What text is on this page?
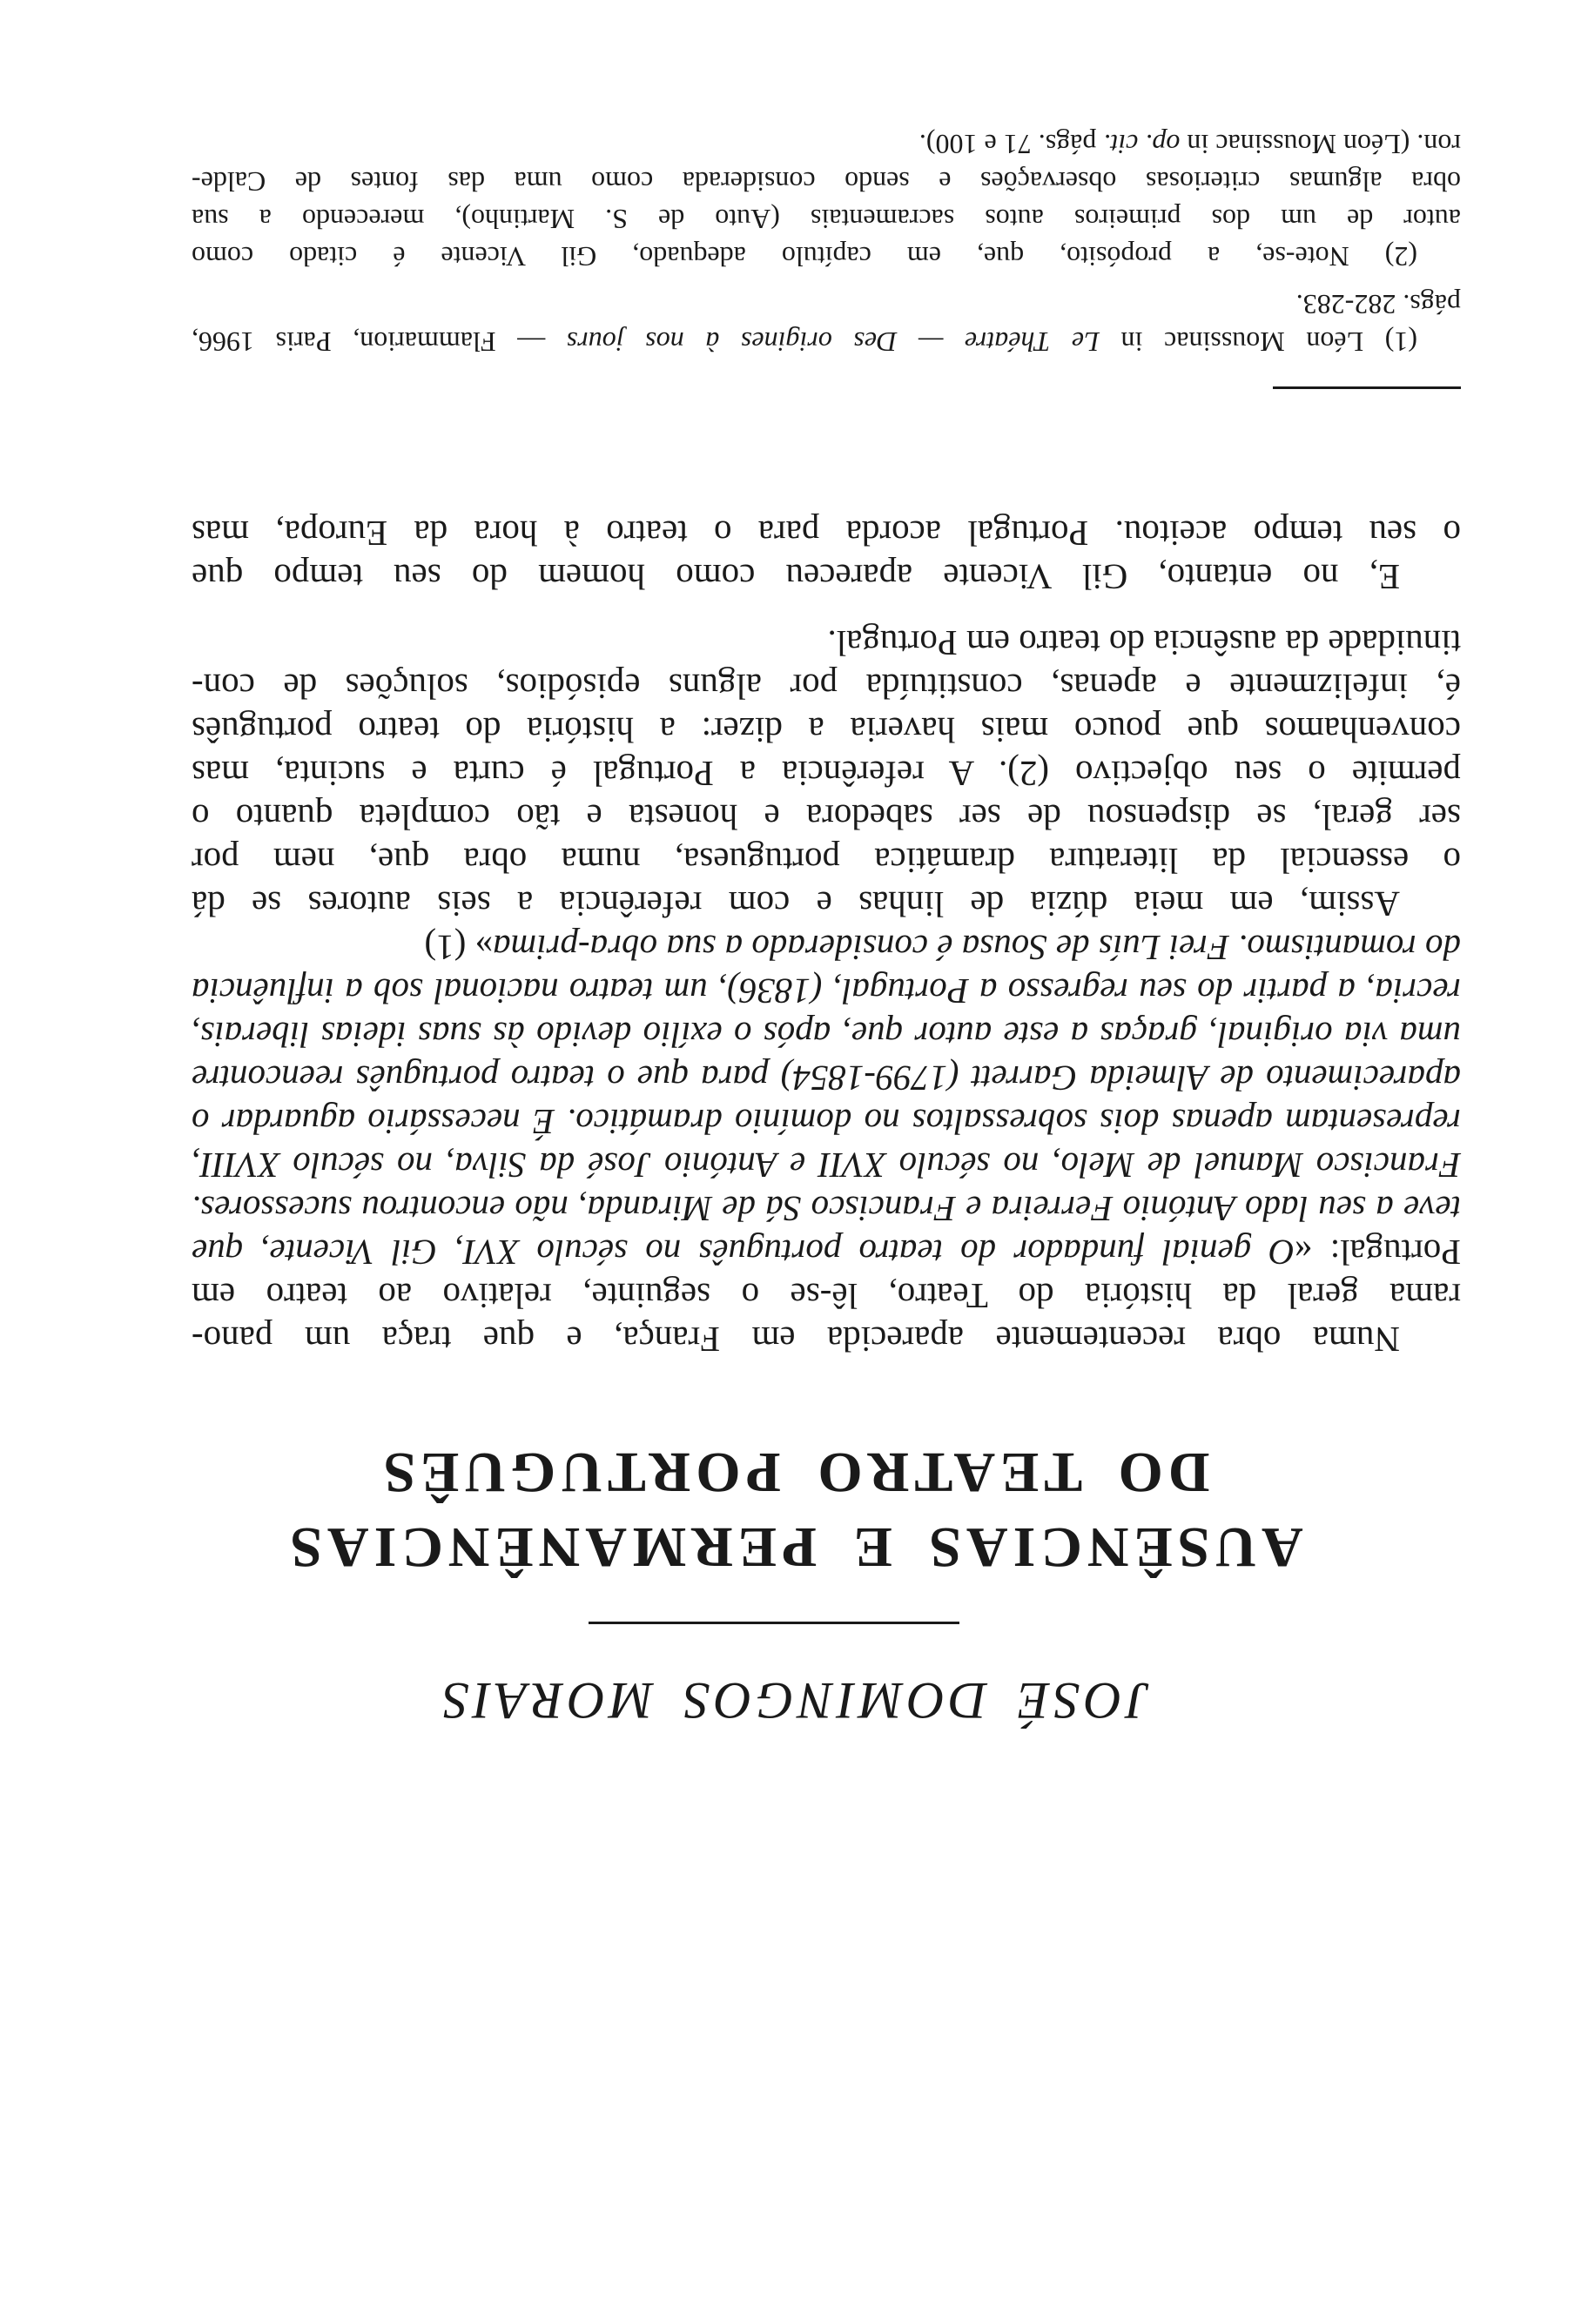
JOSÉ DOMINGOS MORAIS
AUSÊNCIAS E PERMANÊNCIAS
DO TEATRO PORTUGUÊS
Numa obra recentemente aparecida em França, e que traça um pano-
rama geral da história do Teatro, lê-se o seguinte, relativo ao teatro em
Portugal: «O genial fundador do teatro português no século XVI, Gil Vicente, que
teve a seu lado António Ferreira e Francisco Sá de Miranda, não encontrou sucessores.
Francisco Manuel de Melo, no século XVII e António José da Silva, no século XVIII,
representam apenas dois sobressaltos no domínio dramático. É necessário aguardar o
aparecimento de Almeida Garrett (1799-1854) para que o teatro português reencontre
uma via original, graças a este autor que, após o exílio devido às suas ideias liberais,
recria, a partir do seu regresso a Portugal, (1836), um teatro nacional sob a influência
do romantismo. Frei Luís de Sousa é considerado a sua obra-prima» (1)
Assim, em meia dúzia de linhas e com referência a seis autores se dá
o essencial da literatura dramática portuguesa, numa obra que, nem por
ser geral, se dispensou de ser sabedora e honesta e tão completa quanto o
permite o seu objectivo (2). A referência a Portugal é curta e sucinta, mas
convenhamos que pouco mais haveria a dizer: a história do teatro português
é, infelizmente e apenas, constituída por alguns episódios, soluções de con-
tinuidade da ausência do teatro em Portugal.
E, no entanto, Gil Vicente apareceu como homem do seu tempo que
o seu tempo aceitou. Portugal acorda para o teatro à hora da Europa, mas
(1) Léon Moussinac in Le Théatre — Des origines à nos jours — Flammarion, Paris 1966,
págs. 282-283.
(2) Note-se, a propósito, que, em capítulo adequado, Gil Vicente é citado como
autor de um dos primeiros autos sacramentais (Auto de S. Martinho), merecendo a sua
obra algumas criteriosas observações e sendo considerada como uma das fontes de Calde-
ron. (Léon Moussinac in op. cit. págs. 71 e 100).
